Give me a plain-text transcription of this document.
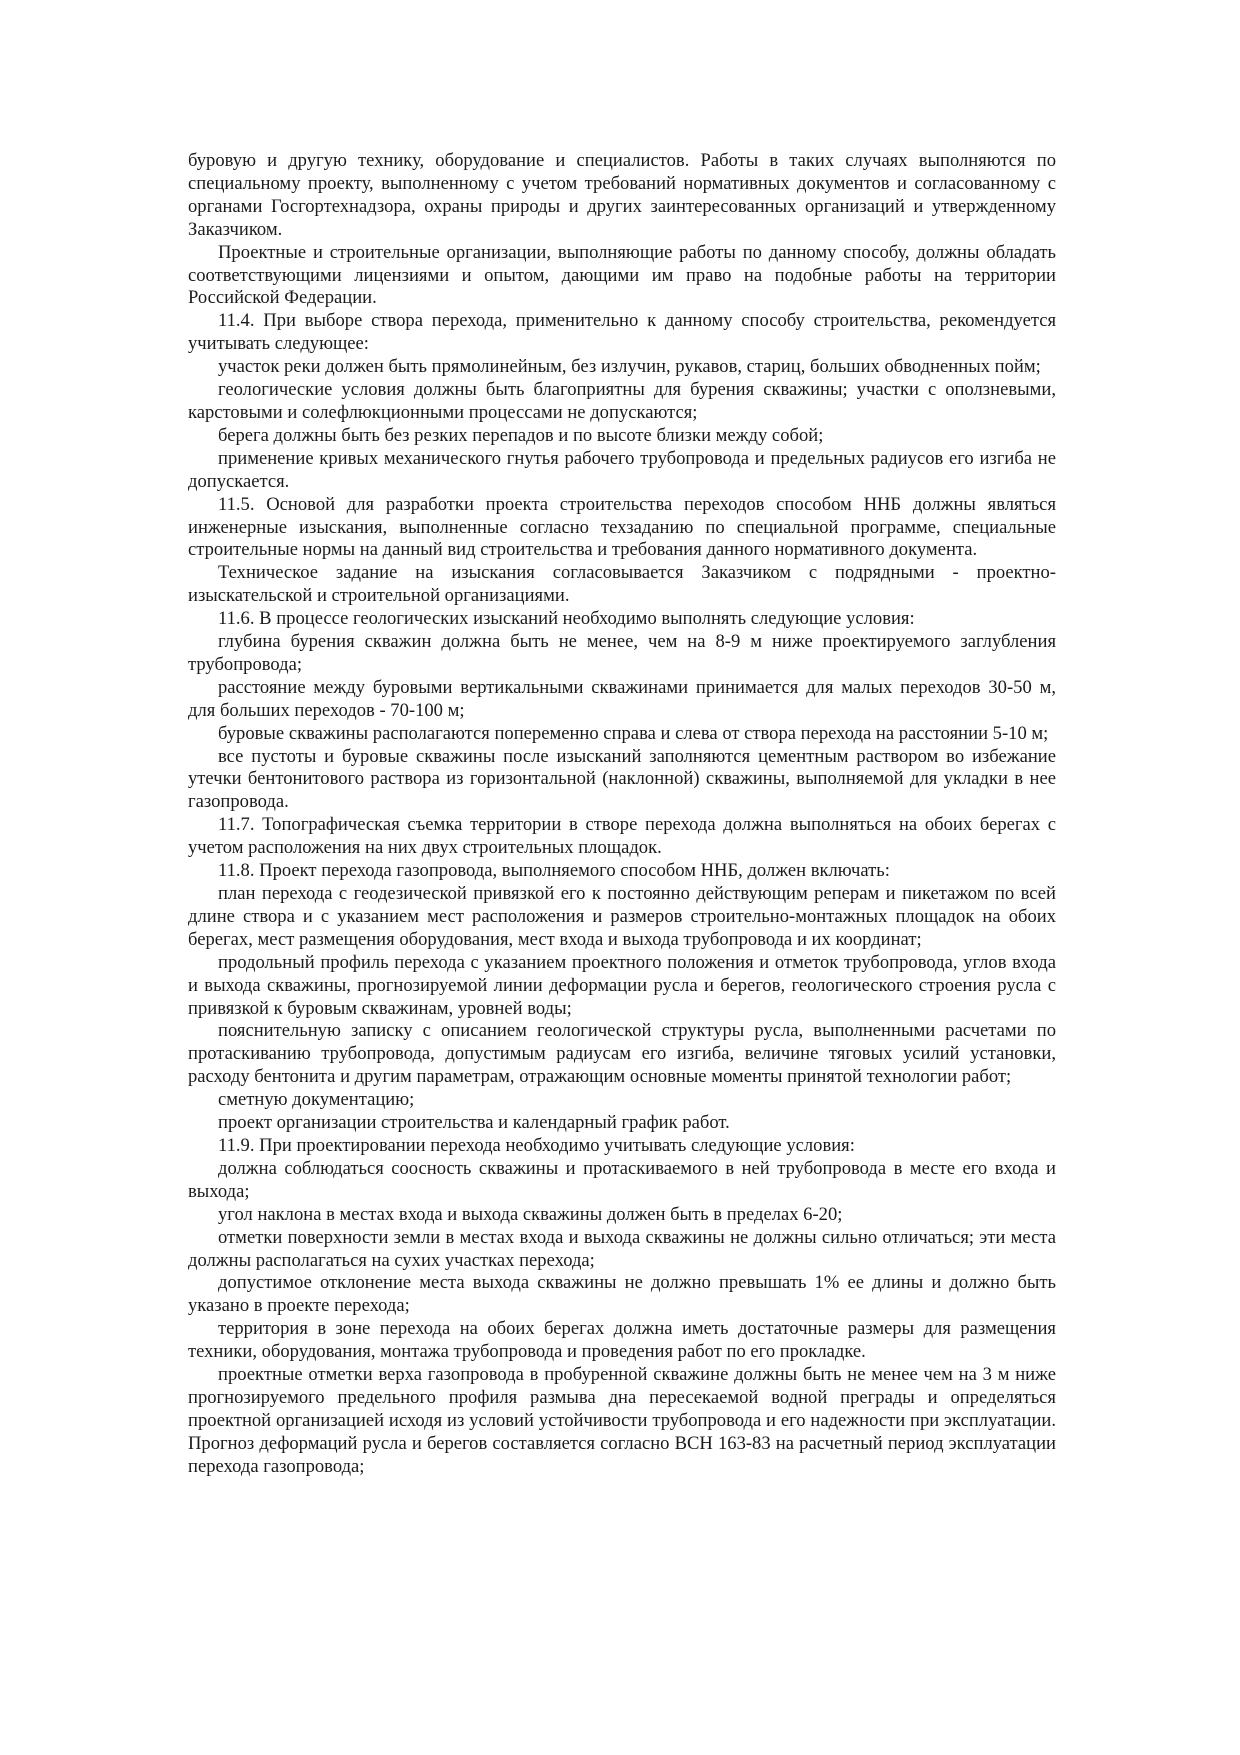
буровую и другую технику, оборудование и специалистов. Работы в таких случаях выполняются по специальному проекту, выполненному с учетом требований нормативных документов и согласованному с органами Госгортехнадзора, охраны природы и других заинтересованных организаций и утвержденному Заказчиком.

Проектные и строительные организации, выполняющие работы по данному способу, должны обладать соответствующими лицензиями и опытом, дающими им право на подобные работы на территории Российской Федерации.

11.4. При выборе створа перехода, применительно к данному способу строительства, рекомендуется учитывать следующее:

участок реки должен быть прямолинейным, без излучин, рукавов, стариц, больших обводненных пойм;

геологические условия должны быть благоприятны для бурения скважины; участки с оползневыми, карстовыми и солефлюкционными процессами не допускаются;

берега должны быть без резких перепадов и по высоте близки между собой;

применение кривых механического гнутья рабочего трубопровода и предельных радиусов его изгиба не допускается.

11.5. Основой для разработки проекта строительства переходов способом ННБ должны являться инженерные изыскания, выполненные согласно техзаданию по специальной программе, специальные строительные нормы на данный вид строительства и требования данного нормативного документа.

Техническое задание на изыскания согласовывается Заказчиком с подрядными - проектно-изыскательской и строительной организациями.

11.6. В процессе геологических изысканий необходимо выполнять следующие условия:

глубина бурения скважин должна быть не менее, чем на 8-9 м ниже проектируемого заглубления трубопровода;

расстояние между буровыми вертикальными скважинами принимается для малых переходов 30-50 м, для больших переходов - 70-100 м;

буровые скважины располагаются попеременно справа и слева от створа перехода на расстоянии 5-10 м;

все пустоты и буровые скважины после изысканий заполняются цементным раствором во избежание утечки бентонитового раствора из горизонтальной (наклонной) скважины, выполняемой для укладки в нее газопровода.

11.7. Топографическая съемка территории в створе перехода должна выполняться на обоих берегах с учетом расположения на них двух строительных площадок.

11.8. Проект перехода газопровода, выполняемого способом ННБ, должен включать:

план перехода с геодезической привязкой его к постоянно действующим реперам и пикетажом по всей длине створа и с указанием мест расположения и размеров строительно-монтажных площадок на обоих берегах, мест размещения оборудования, мест входа и выхода трубопровода и их координат;

продольный профиль перехода с указанием проектного положения и отметок трубопровода, углов входа и выхода скважины, прогнозируемой линии деформации русла и берегов, геологического строения русла с привязкой к буровым скважинам, уровней воды;

пояснительную записку с описанием геологической структуры русла, выполненными расчетами по протаскиванию трубопровода, допустимым радиусам его изгиба, величине тяговых усилий установки, расходу бентонита и другим параметрам, отражающим основные моменты принятой технологии работ;

сметную документацию;

проект организации строительства и календарный график работ.

11.9. При проектировании перехода необходимо учитывать следующие условия:

должна соблюдаться соосность скважины и протаскиваемого в ней трубопровода в месте его входа и выхода;

угол наклона в местах входа и выхода скважины должен быть в пределах 6-20;

отметки поверхности земли в местах входа и выхода скважины не должны сильно отличаться; эти места должны располагаться на сухих участках перехода;

допустимое отклонение места выхода скважины не должно превышать 1% ее длины и должно быть указано в проекте перехода;

территория в зоне перехода на обоих берегах должна иметь достаточные размеры для размещения техники, оборудования, монтажа трубопровода и проведения работ по его прокладке.

проектные отметки верха газопровода в пробуренной скважине должны быть не менее чем на 3 м ниже прогнозируемого предельного профиля размыва дна пересекаемой водной преграды и определяться проектной организацией исходя из условий устойчивости трубопровода и его надежности при эксплуатации. Прогноз деформаций русла и берегов составляется согласно ВСН 163-83 на расчетный период эксплуатации перехода газопровода;
